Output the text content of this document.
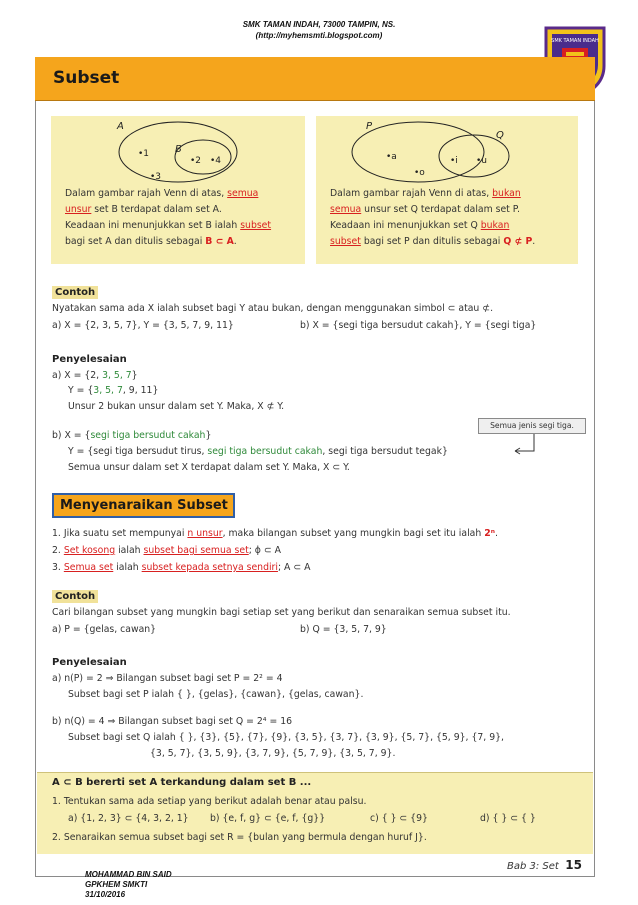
SMK TAMAN INDAH, 73000 TAMPIN, NS.
(http://myhemsmti.blogspot.com)
SMK TAMAN INDAH
Subset
A
B
•1
•2 •4
•3

Dalam gambar rajah Venn di atas, semua
unsur set B terdapat dalam set A.
Keadaan ini menunjukkan set B ialah subset
bagi set A dan ditulis sebagai B ⊂ A.

P
Q
•a	•i •u
•o

Dalam gambar rajah Venn di atas, bukan
semua unsur set Q terdapat dalam set P.
Keadaan ini menunjukkan set Q bukan
subset bagi set P dan ditulis sebagai Q ⊄ P.

Contoh
Nyatakan sama ada X ialah subset bagi Y atau bukan, dengan menggunakan simbol ⊂ atau ⊄.
a) X = {2, 3, 5, 7}, Y = {3, 5, 7, 9, 11}	b) X = {segi tiga bersudut cakah}, Y = {segi tiga}
Penyelesaian
a) X = {2, 3, 5, 7}
Y = {3, 5, 7, 9, 11}
Unsur 2 bukan unsur dalam set Y. Maka, X ⊄ Y.
Semua jenis segi tiga.
b) X = {segi tiga bersudut cakah}
Y = {segi tiga bersudut tirus, segi tiga bersudut cakah, segi tiga bersudut tegak}
Semua unsur dalam set X terdapat dalam set Y. Maka, X ⊂ Y.
Menyenaraikan Subset
1. Jika suatu set mempunyai n unsur, maka bilangan subset yang mungkin bagi set itu ialah 2ⁿ.
2. Set kosong ialah subset bagi semua set; ϕ ⊂ A
3. Semua set ialah subset kepada setnya sendiri; A ⊂ A
Contoh
Cari bilangan subset yang mungkin bagi setiap set yang berikut dan senaraikan semua subset itu.
a) P = {gelas, cawan}	b) Q = {3, 5, 7, 9}
Penyelesaian
a) n(P) = 2 ⇒ Bilangan subset bagi set P = 2² = 4
Subset bagi set P ialah { }, {gelas}, {cawan}, {gelas, cawan}.
b) n(Q) = 4 ⇒ Bilangan subset bagi set Q = 2⁴ = 16
Subset bagi set Q ialah { }, {3}, {5}, {7}, {9}, {3, 5}, {3, 7}, {3, 9}, {5, 7}, {5, 9}, {7, 9},
{3, 5, 7}, {3, 5, 9}, {3, 7, 9}, {5, 7, 9}, {3, 5, 7, 9}.
A ⊂ B bererti set A terkandung dalam set B ...
1. Tentukan sama ada setiap yang berikut adalah benar atau palsu.
a) {1, 2, 3} ⊂ {4, 3, 2, 1} b) {e, f, g} ⊂ {e, f, {g}}	c) { } ⊂ {9}	d) { } ⊂ { }
2. Senaraikan semua subset bagi set R = {bulan yang bermula dengan huruf J}.
Bab 3: Set 15
MOHAMMAD BIN SAID
GPKHEM SMKTI
31/10/2016
